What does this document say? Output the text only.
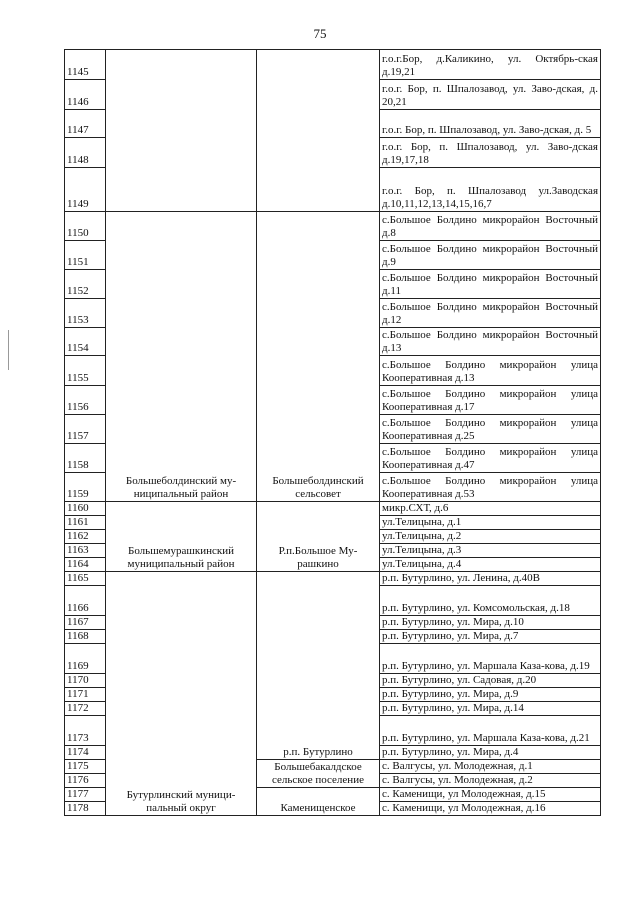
75
1145			г.о.г.Бор, д.Каликино, ул. Октябрь-ская д.19,21
1146			г.о.г. Бор, п. Шпалозавод, ул. Заво-дская, д. 20,21
1147			г.о.г. Бор, п. Шпалозавод, ул. Заво-дская, д. 5
1148			г.о.г. Бор, п. Шпалозавод, ул. Заво-дская д.19,17,18
1149			г.о.г. Бор, п. Шпалозавод ул.Заводская д.10,11,12,13,14,15,16,7
1150	Большеболдинский му-ниципальный район	Большеболдинский сельсовет	с.Большое Болдино микрорайон Восточный д.8
1151			с.Большое Болдино микрорайон Восточный д.9
1152			с.Большое Болдино микрорайон Восточный д.11
1153			с.Большое Болдино микрорайон Восточный д.12
1154			с.Большое Болдино микрорайон Восточный д.13
1155			с.Большое Болдино микрорайон улица Кооперативная д.13
1156			с.Большое Болдино микрорайон улица Кооперативная д.17
1157			с.Большое Болдино микрорайон улица Кооперативная д.25
1158			с.Большое Болдино микрорайон улица Кооперативная д.47
1159			с.Большое Болдино микрорайон улица Кооперативная д.53
1160	Большемурашкинский муниципальный район	Р.п.Большое Му-рашкино	микр.СХТ, д.6
1161			ул.Телицына, д.1
1162			ул.Телицына, д.2
1163			ул.Телицына, д.3
1164			ул.Телицына, д.4
1165	Бутурлинский муници-пальный округ	р.п. Бутурлино	р.п. Бутурлино, ул. Ленина, д.40В
1166			р.п. Бутурлино, ул. Комсомольская, д.18
1167			р.п. Бутурлино, ул. Мира, д.10
1168			р.п. Бутурлино, ул. Мира, д.7
1169			р.п. Бутурлино, ул. Маршала Каза-кова, д.19
1170			р.п. Бутурлино, ул. Садовая, д.20
1171			р.п. Бутурлино, ул. Мира, д.9
1172			р.п. Бутурлино, ул. Мира, д.14
1173			р.п. Бутурлино, ул. Маршала Каза-кова, д.21
1174			р.п. Бутурлино, ул. Мира, д.4
1175		Большебакалдское сельское поселение	с. Валгусы, ул. Молодежная, д.1
1176			с. Валгусы, ул. Молодежная, д.2
1177		Каменищенское	с. Каменищи, ул Молодежная, д.15
1178			с. Каменищи, ул Молодежная, д.16
